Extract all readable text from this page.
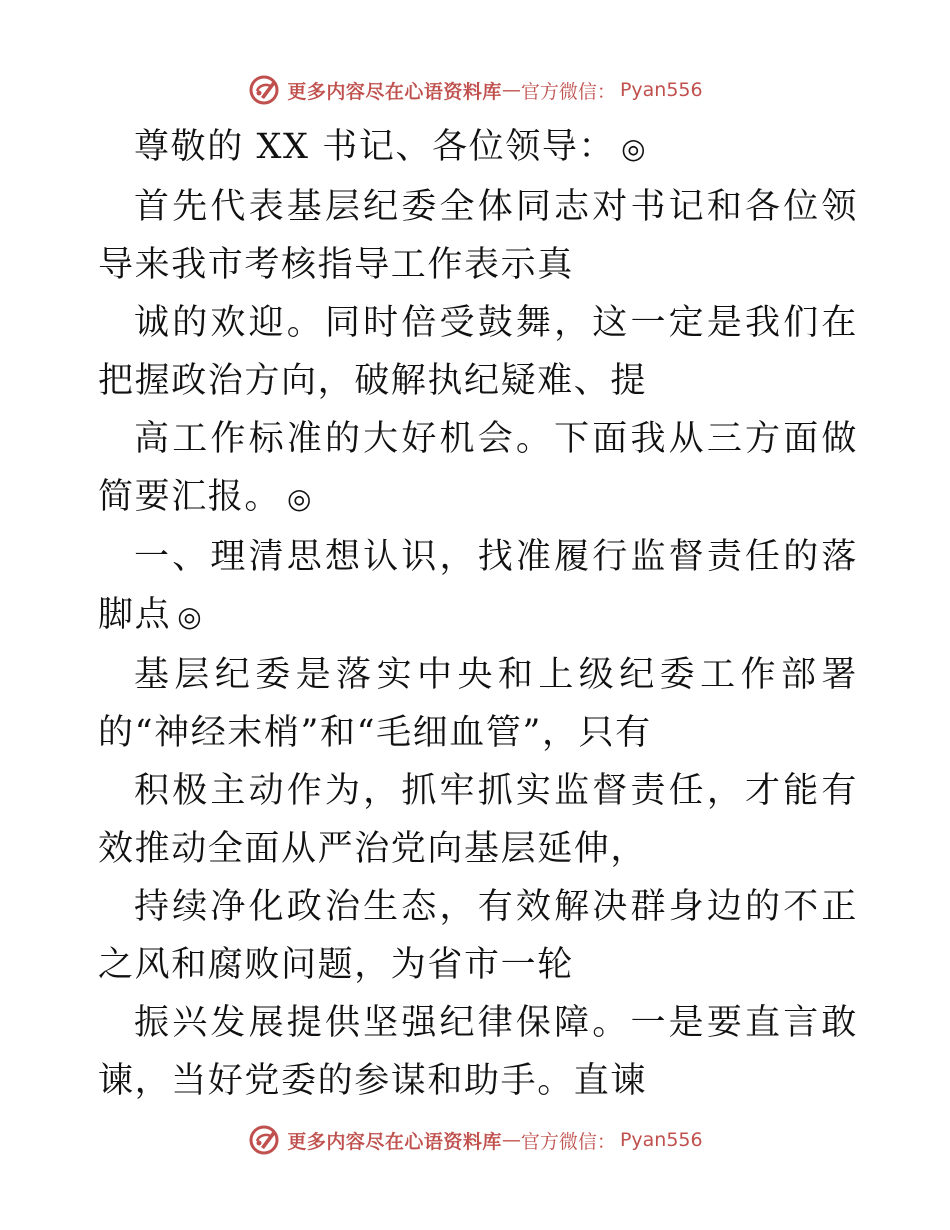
更多内容尽在心语资料库 — 官方微信： Pyan556

尊敬的 XX 书记、各位领导： ◎

首先代表基层纪委全体同志对书记和各位领导来我市考核指导工作表示真

诚的欢迎。同时倍受鼓舞，这一定是我们在把握政治方向，破解执纪疑难、提

高工作标准的大好机会。下面我从三方面做简要汇报。 ◎

一、理清思想认识，找准履行监督责任的落脚点 ◎

基层纪委是落实中央和上级纪委工作部署的“神经末梢”和“毛细血管”，只有

积极主动作为，抓牢抓实监督责任，才能有效推动全面从严治党向基层延伸，

持续净化政治生态，有效解决群身边的不正之风和腐败问题，为省市一轮

振兴发展提供坚强纪律保障。一是要直言敢谏，当好党委的参谋和助手。直谏

更多内容尽在心语资料库 — 官方微信： Pyan556
